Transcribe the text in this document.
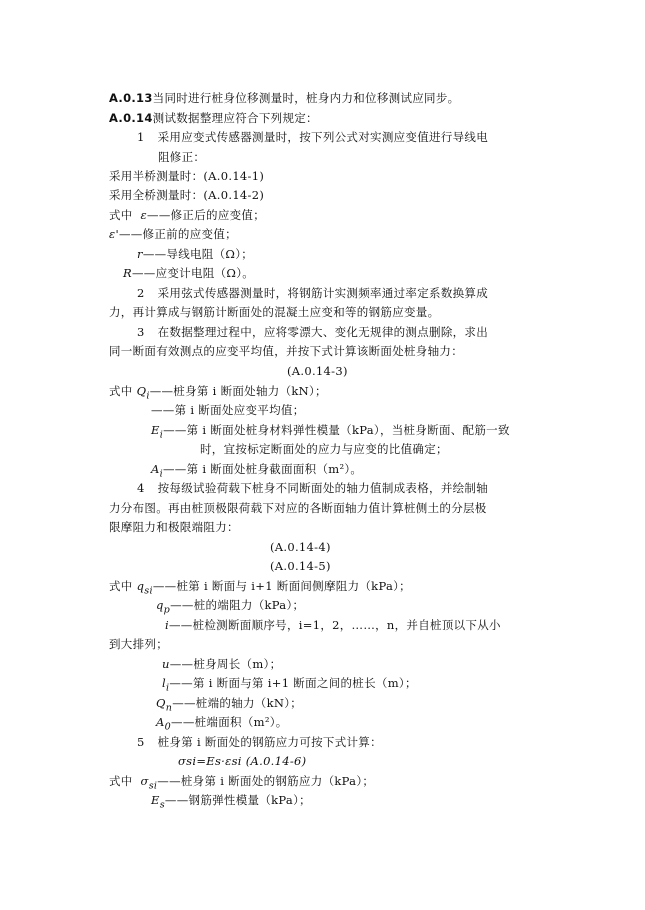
A.0.13当同时进行桩身位移测量时，桩身内力和位移测试应同步。
A.0.14测试数据整理应符合下列规定：
1 采用应变式传感器测量时，按下列公式对实测应变值进行导线电
阻修正：
采用半桥测量时：(A.0.14-1)
采用全桥测量时：(A.0.14-2)
式中 ε——修正后的应变值；
ε'——修正前的应变值；
r——导线电阻（Ω）；
R——应变计电阻（Ω）。
2 采用弦式传感器测量时，将钢筋计实测频率通过率定系数换算成
力，再计算成与钢筋计断面处的混凝土应变和等的钢筋应变量。
3 在数据整理过程中，应将零漂大、变化无规律的测点删除，求出
同一断面有效测点的应变平均值，并按下式计算该断面处桩身轴力：
(A.0.14-3)
式中 $Q_i——$桩身第 i 断面处轴力（kN）；
——第 i 断面处应变平均值；
$E_i——$第 i 断面处桩身材料弹性模量（kPa），当桩身断面、配筋一致
时，宜按标定断面处的应力与应变的比值确定；
$A_i——$第 i 断面处桩身截面面积（m²）。
4 按每级试验荷载下桩身不同断面处的轴力值制成表格，并绘制轴
力分布图。再由桩顶极限荷载下对应的各断面轴力值计算桩侧土的分层极
限摩阻力和极限端阻力：
(A.0.14-4)
(A.0.14-5)
式中 $q_{si}——$桩第 i 断面与 i+1 断面间侧摩阻力（kPa）；
$q_p——$桩的端阻力（kPa）；
i——桩检测断面顺序号，i=1，2，……，n，并自桩顶以下从小
到大排列；
u——桩身周长（m）；
$l_i——$第 i 断面与第 i+1 断面之间的桩长（m）；
$Q_n——$桩端的轴力（kN）；
$A_0——$桩端面积（m²）。
5 桩身第 i 断面处的钢筋应力可按下式计算：
σsi=Es·εsi (A.0.14-6)
式中 $\sigma_{si}——$桩身第 i 断面处的钢筋应力（kPa）；
$E_s——$钢筋弹性模量（kPa）；
